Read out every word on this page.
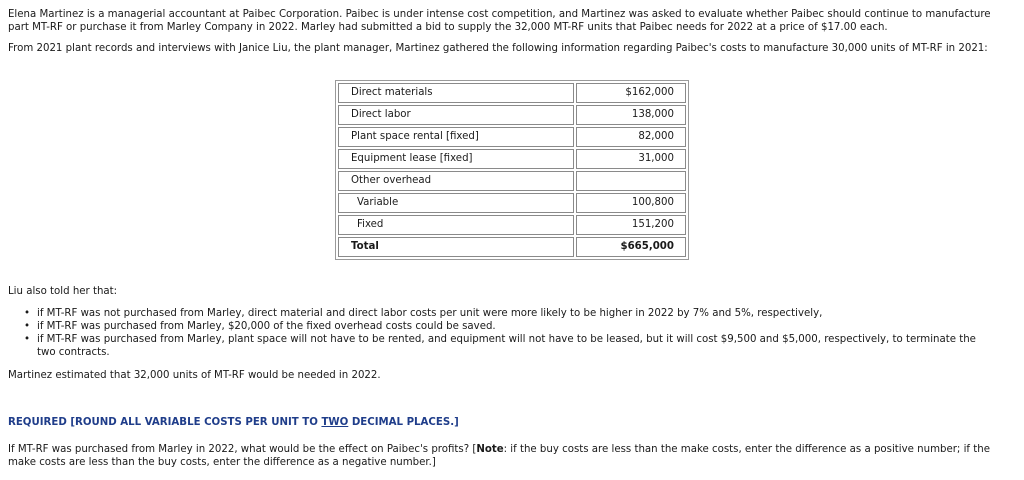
Elena Martinez is a managerial accountant at Paibec Corporation. Paibec is under intense cost competition, and Martinez was asked to evaluate whether Paibec should continue to manufacture part MT-RF or purchase it from Marley Company in 2022. Marley had submitted a bid to supply the 32,000 MT-RF units that Paibec needs for 2022 at a price of $17.00 each.

From 2021 plant records and interviews with Janice Liu, the plant manager, Martinez gathered the following information regarding Paibec's costs to manufacture 30,000 units of MT-RF in 2021:

Direct materials	$162,000
Direct labor	138,000
Plant space rental [fixed]	82,000
Equipment lease [fixed]	31,000
Other overhead	
Variable	100,800
Fixed	151,200
Total	$665,000

Liu also told her that:

• if MT-RF was not purchased from Marley, direct material and direct labor costs per unit were more likely to be higher in 2022 by 7% and 5%, respectively,
• if MT-RF was purchased from Marley, $20,000 of the fixed overhead costs could be saved.
• if MT-RF was purchased from Marley, plant space will not have to be rented, and equipment will not have to be leased, but it will cost $9,500 and $5,000, respectively, to terminate the two contracts.

Martinez estimated that 32,000 units of MT-RF would be needed in 2022.

REQUIRED [ROUND ALL VARIABLE COSTS PER UNIT TO TWO DECIMAL PLACES.]

If MT-RF was purchased from Marley in 2022, what would be the effect on Paibec's profits? [Note: if the buy costs are less than the make costs, enter the difference as a positive number; if the make costs are less than the buy costs, enter the difference as a negative number.]
